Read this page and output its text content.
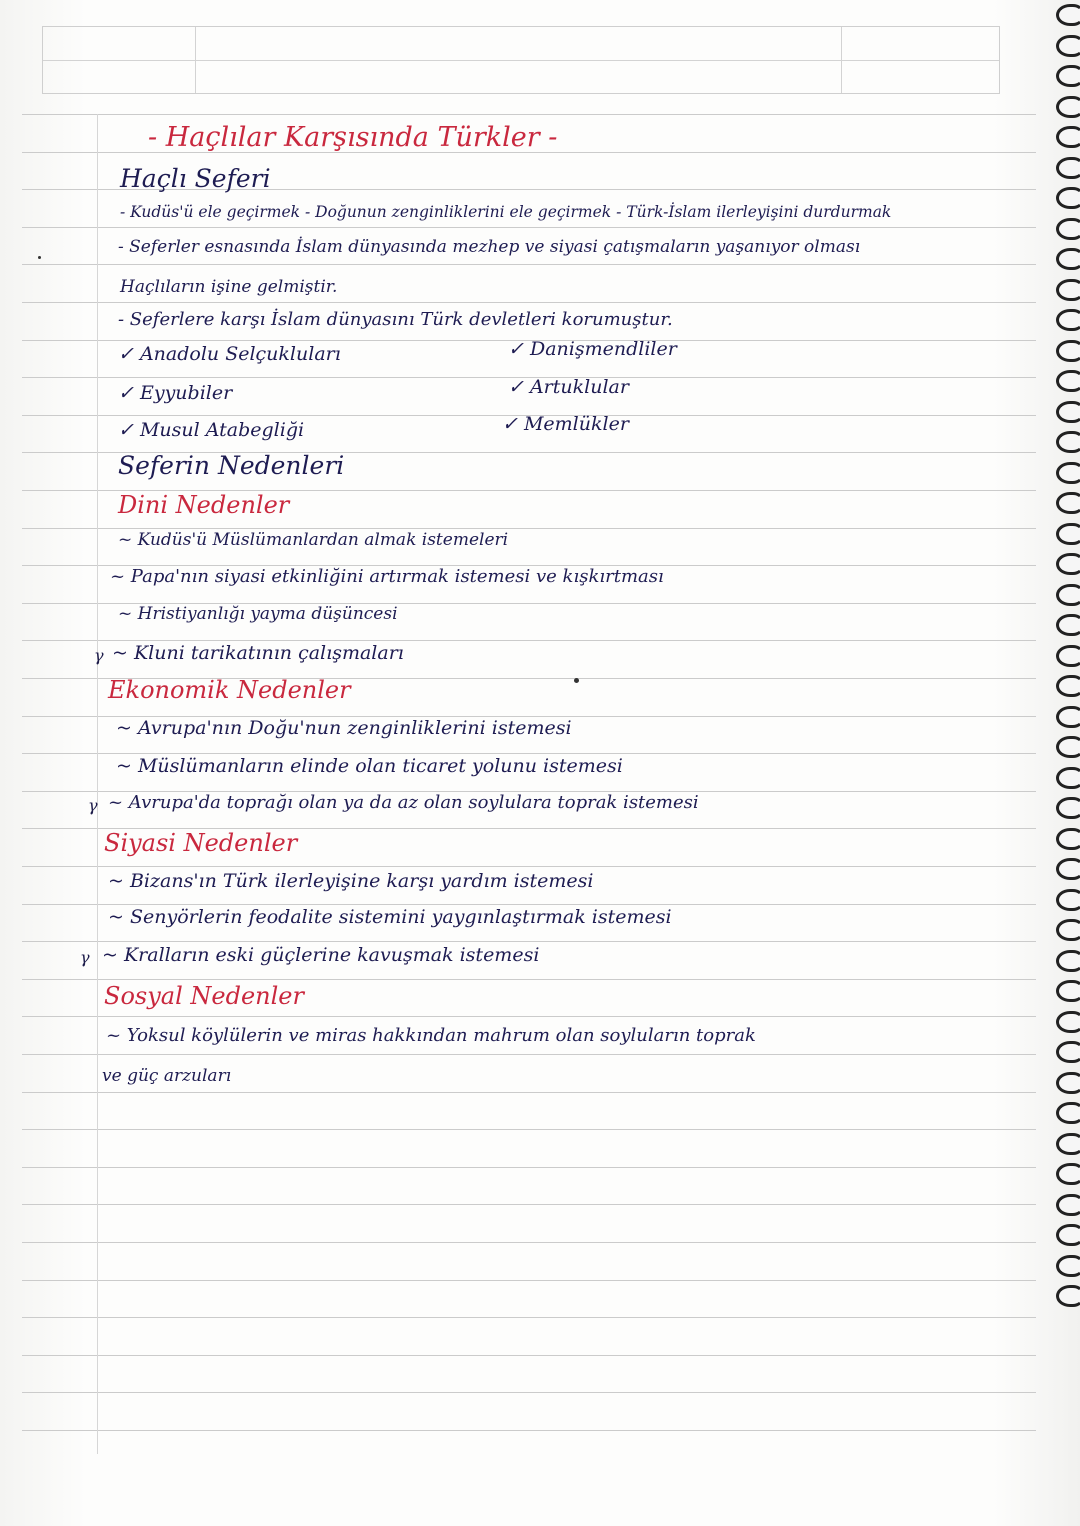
- Haçlılar Karşısında Türkler -
Haçlı Seferi
- Kudüs'ü ele geçirmek - Doğunun zenginliklerini ele geçirmek - Türk-İslam ilerleyişini durdurmak
- Seferler esnasında İslam dünyasında mezhep ve siyasi çatışmaların yaşanıyor olması
Haçlıların işine gelmiştir.
- Seferlere karşı İslam dünyasını Türk devletleri korumuştur.
✓ Anadolu Selçukluları	✓ Danişmendliler
✓ Eyyubiler	✓ Artuklular
✓ Musul Atabegliği	✓ Memlükler
Seferin Nedenleri
Dini Nedenler
~ Kudüs'ü Müslümanlardan almak istemeleri
~ Papa'nın siyasi etkinliğini artırmak istemesi ve kışkırtması
~ Hristiyanlığı yayma düşüncesi
γ ~ Kluni tarikatının çalışmaları
Ekonomik Nedenler
~ Avrupa'nın Doğu'nun zenginliklerini istemesi
~ Müslümanların elinde olan ticaret yolunu istemesi
γ ~ Avrupa'da toprağı olan ya da az olan soylulara toprak istemesi
Siyasi Nedenler
~ Bizans'ın Türk ilerleyişine karşı yardım istemesi
~ Senyörlerin feodalite sistemini yaygınlaştırmak istemesi
γ ~ Kralların eski güçlerine kavuşmak istemesi
Sosyal Nedenler
~ Yoksul köylülerin ve miras hakkından mahrum olan soyluların toprak
ve güç arzuları
